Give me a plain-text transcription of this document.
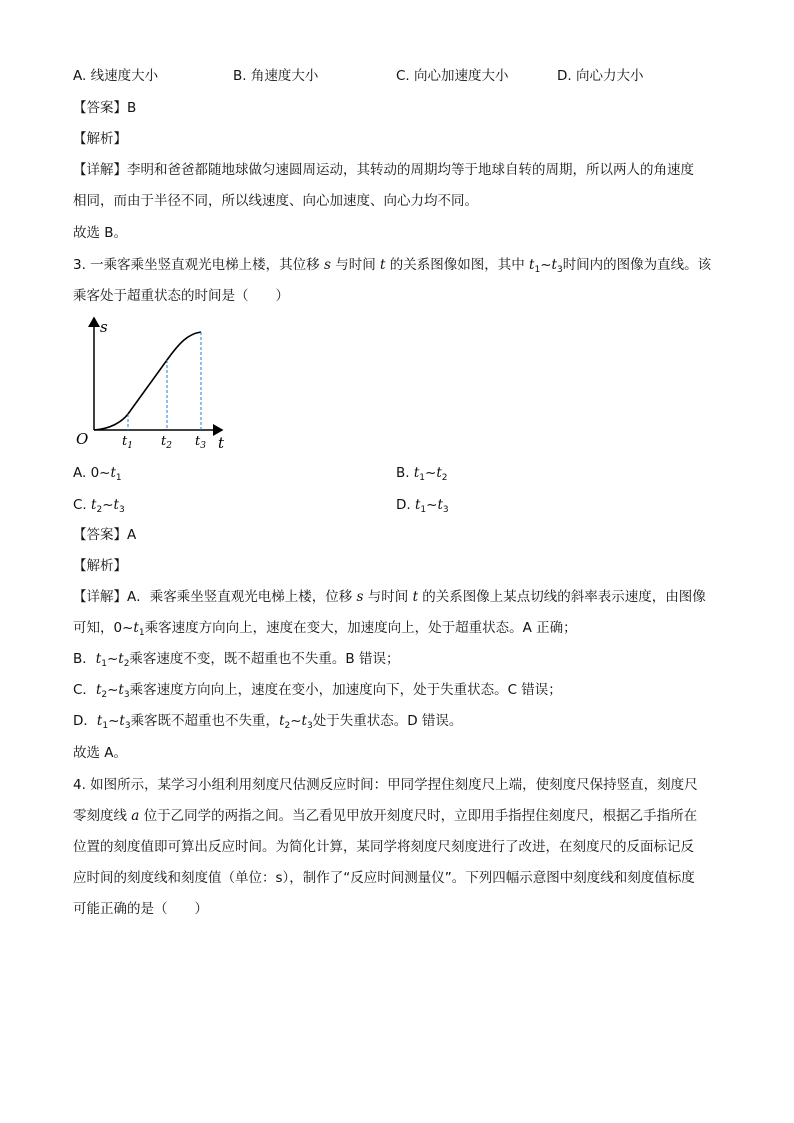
A. 线速度大小	B. 角速度大小	C. 向心加速度大小	D. 向心力大小
【答案】B
【解析】
【详解】李明和爸爸都随地球做匀速圆周运动，其转动的周期均等于地球自转的周期，所以两人的角速度
相同，而由于半径不同，所以线速度、向心加速度、向心力均不同。
故选 B。
3. 一乘客乘坐竖直观光电梯上楼，其位移 s 与时间 t 的关系图像如图，其中 $t_1\sim t_3$时间内的图像为直线。该
乘客处于超重状态的时间是（　　）
s
t
O	$t_1$ $t_2$ $t_3$
A. $0\sim t_1$	B. $t_1\sim t_2$
C. $t_2\sim t_3$	D. $t_1\sim t_3$
【答案】A
【解析】
【详解】A．乘客乘坐竖直观光电梯上楼，位移 s 与时间 t 的关系图像上某点切线的斜率表示速度，由图像
可知，$0\sim t_1$乘客速度方向向上，速度在变大，加速度向上，处于超重状态。A 正确；
B．$t_1\sim t_2$乘客速度不变，既不超重也不失重。B 错误；
C．$t_2\sim t_3$乘客速度方向向上，速度在变小，加速度向下，处于失重状态。C 错误；
D．$t_1\sim t_3$乘客既不超重也不失重，$t_2\sim t_3$处于失重状态。D 错误。
故选 A。
4. 如图所示，某学习小组利用刻度尺估测反应时间：甲同学捏住刻度尺上端，使刻度尺保持竖直，刻度尺
零刻度线 a 位于乙同学的两指之间。当乙看见甲放开刻度尺时，立即用手指捏住刻度尺，根据乙手指所在
位置的刻度值即可算出反应时间。为简化计算，某同学将刻度尺刻度进行了改进，在刻度尺的反面标记反
应时间的刻度线和刻度值（单位：s），制作了“反应时间测量仪”。下列四幅示意图中刻度线和刻度值标度
可能正确的是（　　）
